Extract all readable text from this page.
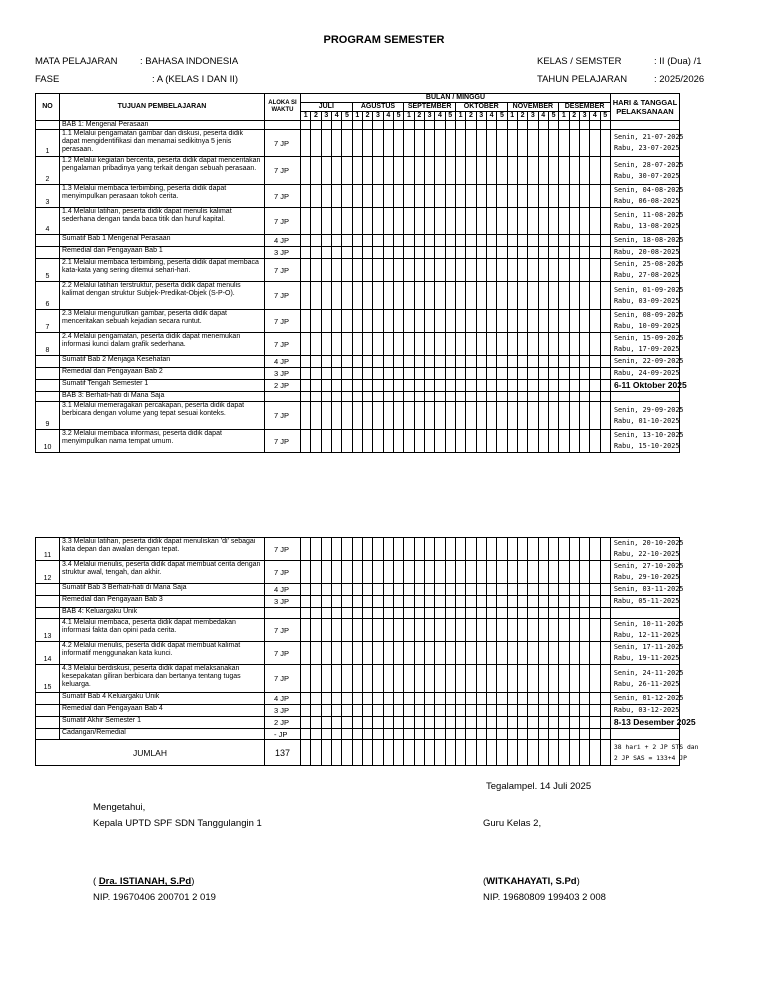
PROGRAM SEMESTER
MATA PELAJARAN : BAHASA INDONESIA
FASE	: A (KELAS I DAN II)
KELAS / SEMSTER	: II (Dua) /1
TAHUN PELAJARAN	: 2025/2026
NO	TUJUAN PEMBELAJARAN	ALOKA SI WAKTU	BULAN / MINGGU																														HARI & TANGGAL PELAKSANAAN
			JULI					AGUSTUS					SEPTEMBER					OKTOBER					NOVEMBER					DESEMBER					
			1	2	3	4	5	1	2	3	4	5	1	2	3	4	5	1	2	3	4	5	1	2	3	4	5	1	2	3	4	5	
	BAB 1: Mengenal Perasaan																																
1	1.1 Melalui pengamatan gambar dan diskusi, peserta didik dapat mengidentifikasi dan menamai sedikitnya 5 jenis perasaan.	7 JP																															Senin, 21-07-2025
Rabu, 23-07-2025

2	1.2 Melalui kegiatan bercerita, peserta didik dapat menceritakan pengalaman pribadinya yang terkait dengan sebuah perasaan.	7 JP																															Senin, 28-07-2025
Rabu, 30-07-2025

3	1.3 Melalui membaca terbimbing, peserta didik dapat menyimpulkan perasaan tokoh cerita.	7 JP																															Senin, 04-08-2025
Rabu, 06-08-2025

4	1.4 Melalui latihan, peserta didik dapat menulis kalimat sederhana dengan tanda baca titik dan huruf kapital.	7 JP																															Senin, 11-08-2025
Rabu, 13-08-2025

	Sumatif Bab 1 Mengenal Perasaan	4 JP																															Senin, 18-08-2025

	Remedial dan Pengayaan Bab 1	3 JP																															Rabu, 20-08-2025

5	2.1 Melalui membaca terbimbing, peserta didik dapat membaca kata-kata yang sering ditemui sehari-hari.	7 JP																															Senin, 25-08-2025
Rabu, 27-08-2025

6	2.2 Melalui latihan terstruktur, peserta didik dapat menulis kalimat dengan struktur Subjek-Predikat-Objek (S-P-O).	7 JP																															Senin, 01-09-2025
Rabu, 03-09-2025

7	2.3 Melalui mengurutkan gambar, peserta didik dapat menceritakan sebuah kejadian secara runtut.	7 JP																															Senin, 08-09-2025
Rabu, 10-09-2025

8	2.4 Melalui pengamatan, peserta didik dapat menemukan informasi kunci dalam grafik sederhana.	7 JP																															Senin, 15-09-2025
Rabu, 17-09-2025

	Sumatif Bab 2 Menjaga Kesehatan	4 JP																															Senin, 22-09-2025

	Remedial dan Pengayaan Bab 2	3 JP																															Rabu, 24-09-2025

	Sumatif Tengah Semester 1	2 JP																															6-11 Oktober 2025

	BAB 3: Berhati-hati di Mana Saja																																
9	3.1 Melalui memeragakan percakapan, peserta didik dapat berbicara dengan volume yang tepat sesuai konteks.	7 JP																															Senin, 29-09-2025
Rabu, 01-10-2025

10	3.2 Melalui membaca informasi, peserta didik dapat menyimpulkan nama tempat umum.	7 JP																															Senin, 13-10-2025
Rabu, 15-10-2025
11	3.3 Melalui latihan, peserta didik dapat menuliskan 'di' sebagai kata depan dan awalan dengan tepat.	7 JP																															Senin, 20-10-2025
Rabu, 22-10-2025

12	3.4 Melalui menulis, peserta didik dapat membuat cerita dengan struktur awal, tengah, dan akhir.	7 JP																															Senin, 27-10-2025
Rabu, 29-10-2025

	Sumatif Bab 3 Berhati-hati di Mana Saja	4 JP																															Senin, 03-11-2025

	Remedial dan Pengayaan Bab 3	3 JP																															Rabu, 05-11-2025

	BAB 4: Keluargaku Unik																																
13	4.1 Melalui membaca, peserta didik dapat membedakan informasi fakta dan opini pada cerita.	7 JP																															Senin, 10-11-2025
Rabu, 12-11-2025

14	4.2 Melalui menulis, peserta didik dapat membuat kalimat informatif menggunakan kata kunci.	7 JP																															Senin, 17-11-2025
Rabu, 19-11-2025

15	4.3 Melalui berdiskusi, peserta didik dapat melaksanakan kesepakatan giliran berbicara dan bertanya tentang tugas keluarga.	7 JP																															Senin, 24-11-2025
Rabu, 26-11-2025

	Sumatif Bab 4 Keluargaku Unik	4 JP																															Senin, 01-12-2025

	Remedial dan Pengayaan Bab 4	3 JP																															Rabu, 03-12-2025

	Sumatif Akhir Semester 1	2 JP																															8-13 Desember 2025

	Cadangan/Remedial	- JP																															
JUMLAH		137																															38 hari + 2 JP STS dan
2 JP SAS = 133+4 JP
Tegalampel. 14 Juli 2025
Mengetahui,
Kepala UPTD SPF SDN Tanggulangin 1	Guru Kelas 2,
( Dra. ISTIANAH, S.Pd)
NIP. 19670406 200701 2 019
(WITKAHAYATI, S.Pd)
NIP. 19680809 199403 2 008
